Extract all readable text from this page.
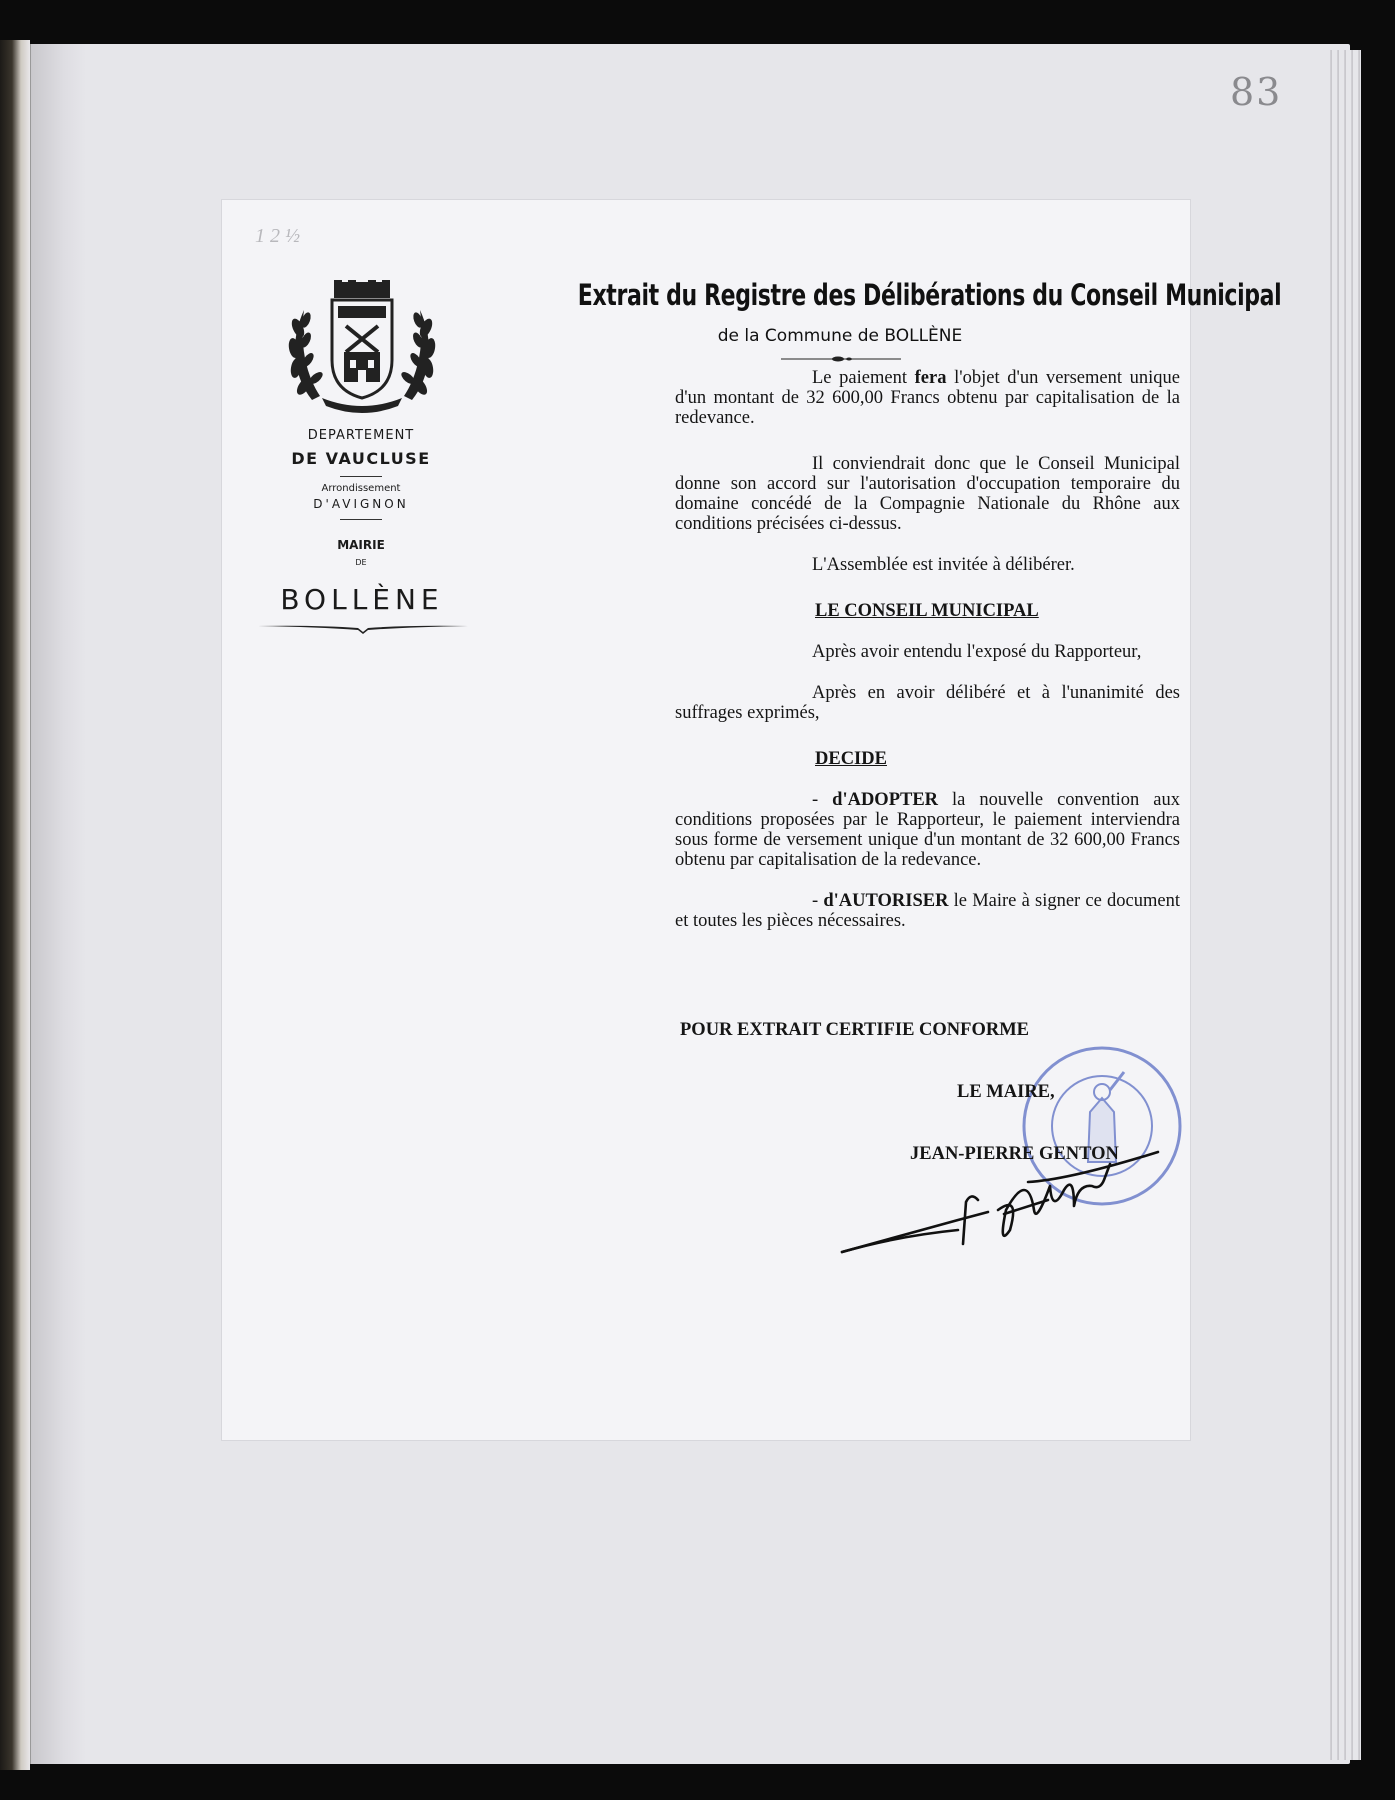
83

1 2 ½

DEPARTEMENT

DE VAUCLUSE

Arrondissement

D'AVIGNON

MAIRIE

DE

BOLLÈNE

Extrait du Registre des Délibérations du Conseil Municipal

de la Commune de BOLLÈNE

Le paiement fera l'objet d'un versement unique d'un montant de 32 600,00 Francs obtenu par capitalisation de la redevance.

Il conviendrait donc que le Conseil Municipal donne son accord sur l'autorisation d'occupation temporaire du domaine concédé de la Compagnie Nationale du Rhône aux conditions précisées ci-dessus.

L'Assemblée est invitée à délibérer.

LE CONSEIL MUNICIPAL

Après avoir entendu l'exposé du Rapporteur,

Après en avoir délibéré et à l'unanimité des suffrages exprimés,

DECIDE

- d'ADOPTER la nouvelle convention aux conditions proposées par le Rapporteur, le paiement interviendra sous forme de versement unique d'un montant de 32 600,00 Francs obtenu par capitalisation de la redevance.

- d'AUTORISER le Maire à signer ce document et toutes les pièces nécessaires.

POUR EXTRAIT CERTIFIE CONFORME

LE MAIRE,

JEAN-PIERRE GENTON
